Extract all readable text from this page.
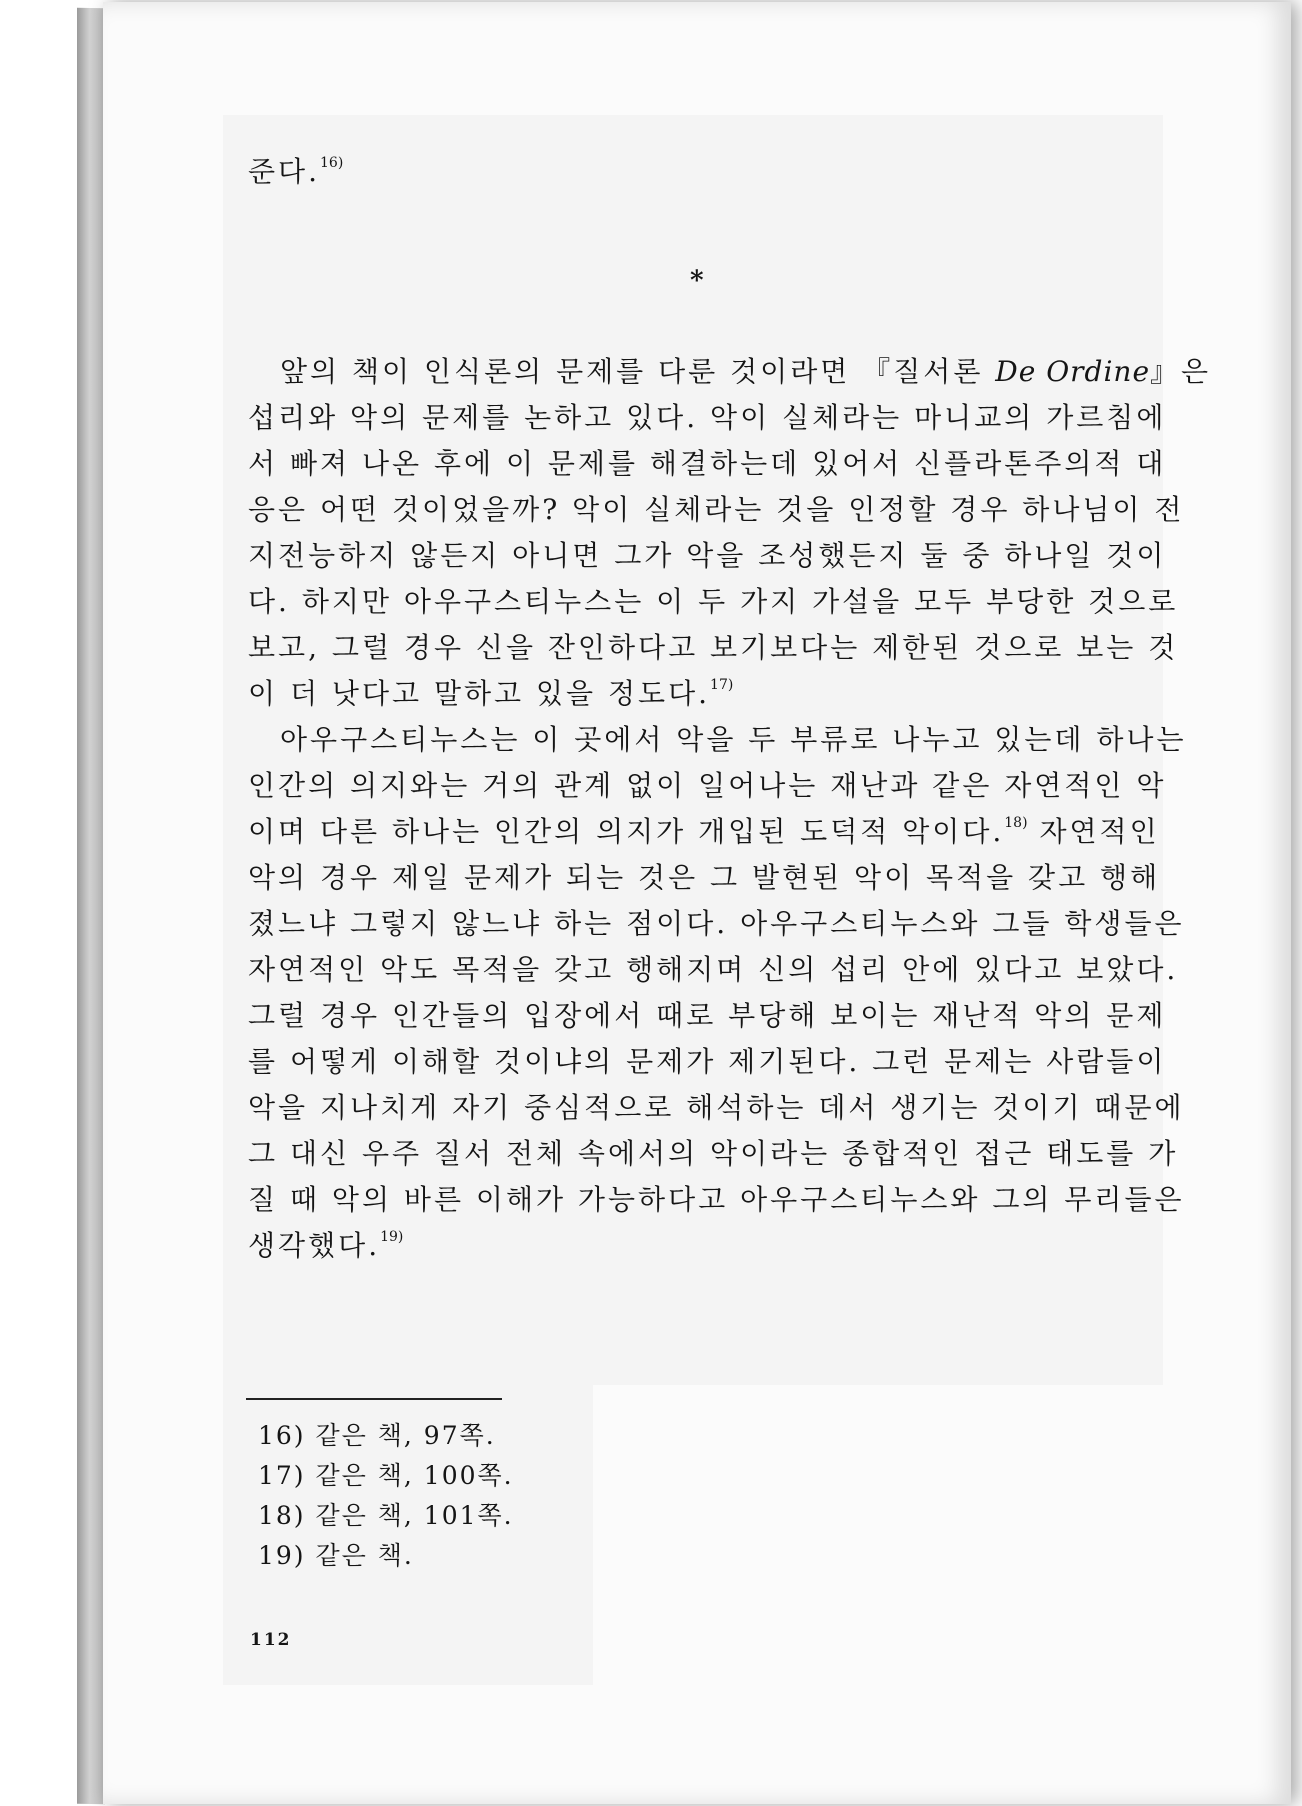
준다.$^{16)}$
*
앞의 책이 인식론의 문제를 다룬 것이라면 『질서론 De Ordine』은
섭리와 악의 문제를 논하고 있다. 악이 실체라는 마니교의 가르침에
서 빠져 나온 후에 이 문제를 해결하는데 있어서 신플라톤주의적 대
응은 어떤 것이었을까? 악이 실체라는 것을 인정할 경우 하나님이 전
지전능하지 않든지 아니면 그가 악을 조성했든지 둘 중 하나일 것이
다. 하지만 아우구스티누스는 이 두 가지 가설을 모두 부당한 것으로
보고, 그럴 경우 신을 잔인하다고 보기보다는 제한된 것으로 보는 것
이 더 낫다고 말하고 있을 정도다.$^{17)}$
아우구스티누스는 이 곳에서 악을 두 부류로 나누고 있는데 하나는
인간의 의지와는 거의 관계 없이 일어나는 재난과 같은 자연적인 악
이며 다른 하나는 인간의 의지가 개입된 도덕적 악이다.$^{18)}$ 자연적인
악의 경우 제일 문제가 되는 것은 그 발현된 악이 목적을 갖고 행해
졌느냐 그렇지 않느냐 하는 점이다. 아우구스티누스와 그들 학생들은
자연적인 악도 목적을 갖고 행해지며 신의 섭리 안에 있다고 보았다.
그럴 경우 인간들의 입장에서 때로 부당해 보이는 재난적 악의 문제
를 어떻게 이해할 것이냐의 문제가 제기된다. 그런 문제는 사람들이
악을 지나치게 자기 중심적으로 해석하는 데서 생기는 것이기 때문에
그 대신 우주 질서 전체 속에서의 악이라는 종합적인 접근 태도를 가
질 때 악의 바른 이해가 가능하다고 아우구스티누스와 그의 무리들은
생각했다.$^{19)}$
16) 같은 책, 97쪽.
17) 같은 책, 100쪽.
18) 같은 책, 101쪽.
19) 같은 책.
112
